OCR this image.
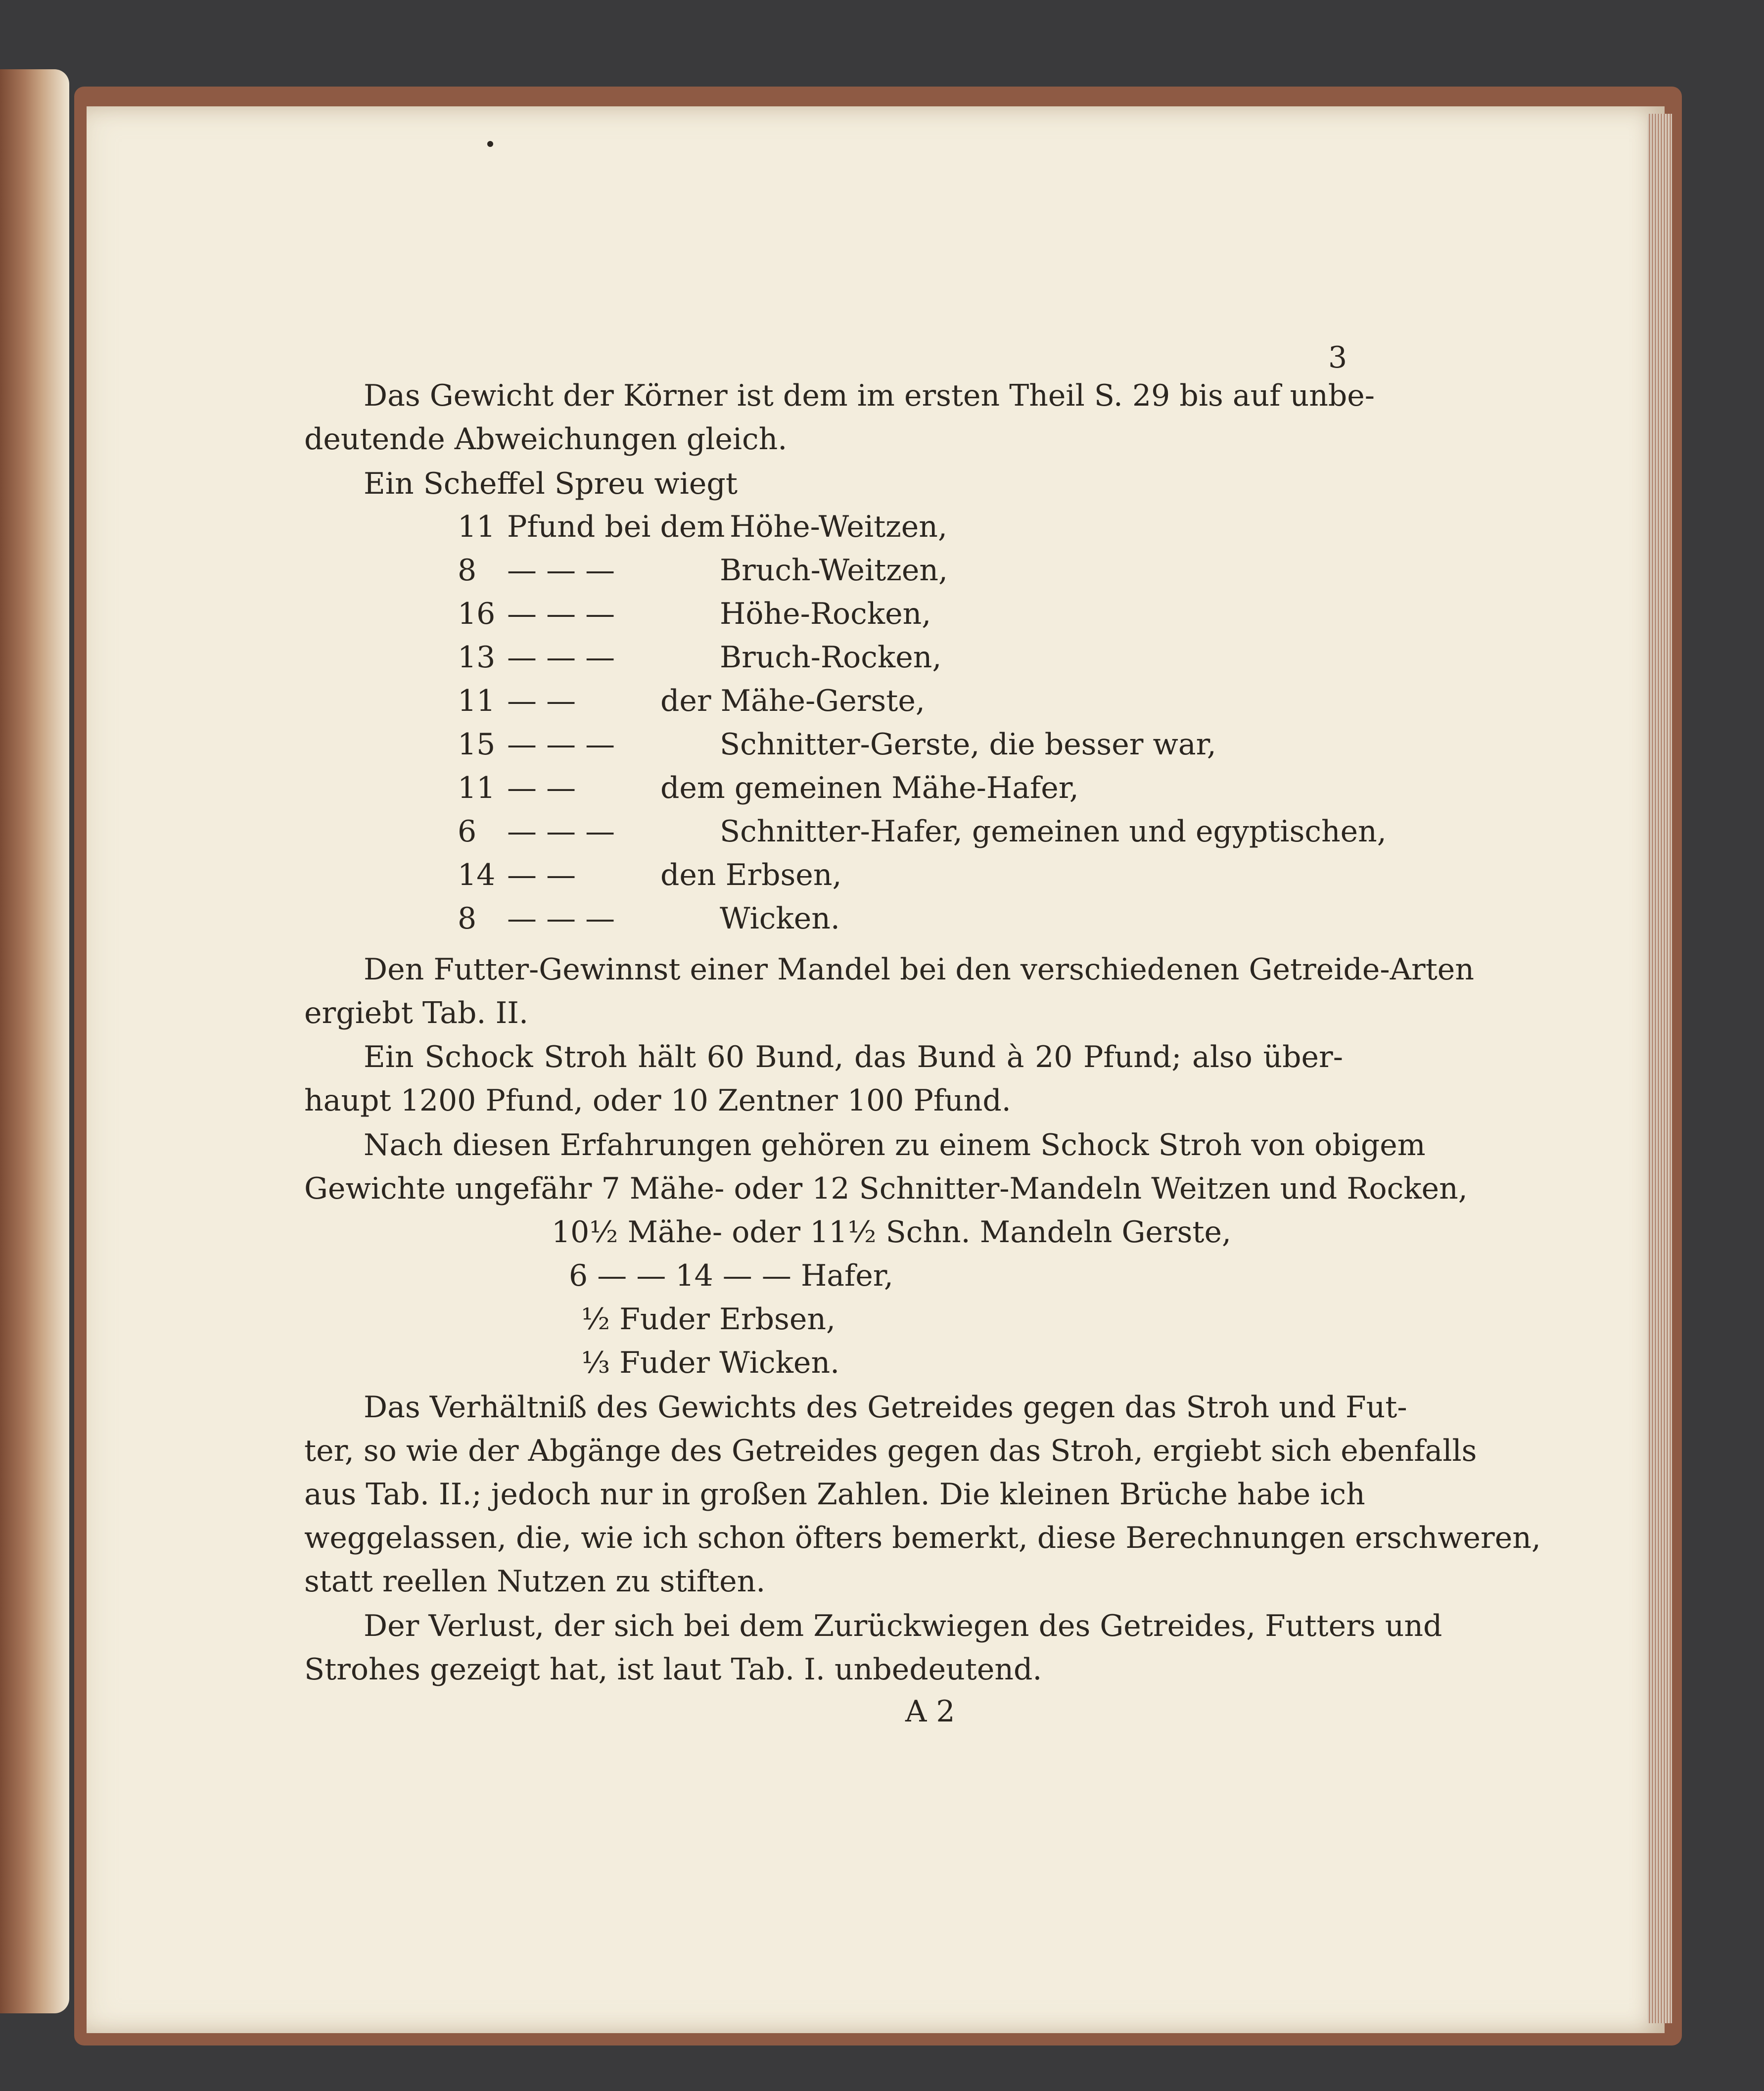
3
Das Gewicht der Körner ist dem im ersten Theil S. 29 bis auf unbe-
deutende Abweichungen gleich.
Ein Scheffel Spreu wiegt
11 Pfund bei dem Höhe-Weitzen,
8	— — —	Bruch-Weitzen,
16 — — —	Höhe-Rocken,
13 — — —	Bruch-Rocken,
11 — —	der Mähe-Gerste,
15 — — —	Schnitter-Gerste, die besser war,
11 — —	dem gemeinen Mähe-Hafer,
6	— — —	Schnitter-Hafer, gemeinen und egyptischen,
14 — —	den Erbsen,
8	— — —	Wicken.
Den Futter-Gewinnst einer Mandel bei den verschiedenen Getreide-Arten
ergiebt Tab. II.
Ein Schock Stroh hält 60 Bund, das Bund à 20 Pfund; also über-
haupt 1200 Pfund, oder 10 Zentner 100 Pfund.
Nach diesen Erfahrungen gehören zu einem Schock Stroh von obigem
Gewichte ungefähr 7 Mähe- oder 12 Schnitter-Mandeln Weitzen und Rocken,
10½ Mähe- oder 11½ Schn. Mandeln Gerste,
6 — — 14 — — Hafer,
½ Fuder Erbsen,
⅓ Fuder Wicken.
Das Verhältniß des Gewichts des Getreides gegen das Stroh und Fut-
ter, so wie der Abgänge des Getreides gegen das Stroh, ergiebt sich ebenfalls
aus Tab. II.; jedoch nur in großen Zahlen. Die kleinen Brüche habe ich
weggelassen, die, wie ich schon öfters bemerkt, diese Berechnungen erschweren,
statt reellen Nutzen zu stiften.
Der Verlust, der sich bei dem Zurückwiegen des Getreides, Futters und
Strohes gezeigt hat, ist laut Tab. I. unbedeutend.
A 2
